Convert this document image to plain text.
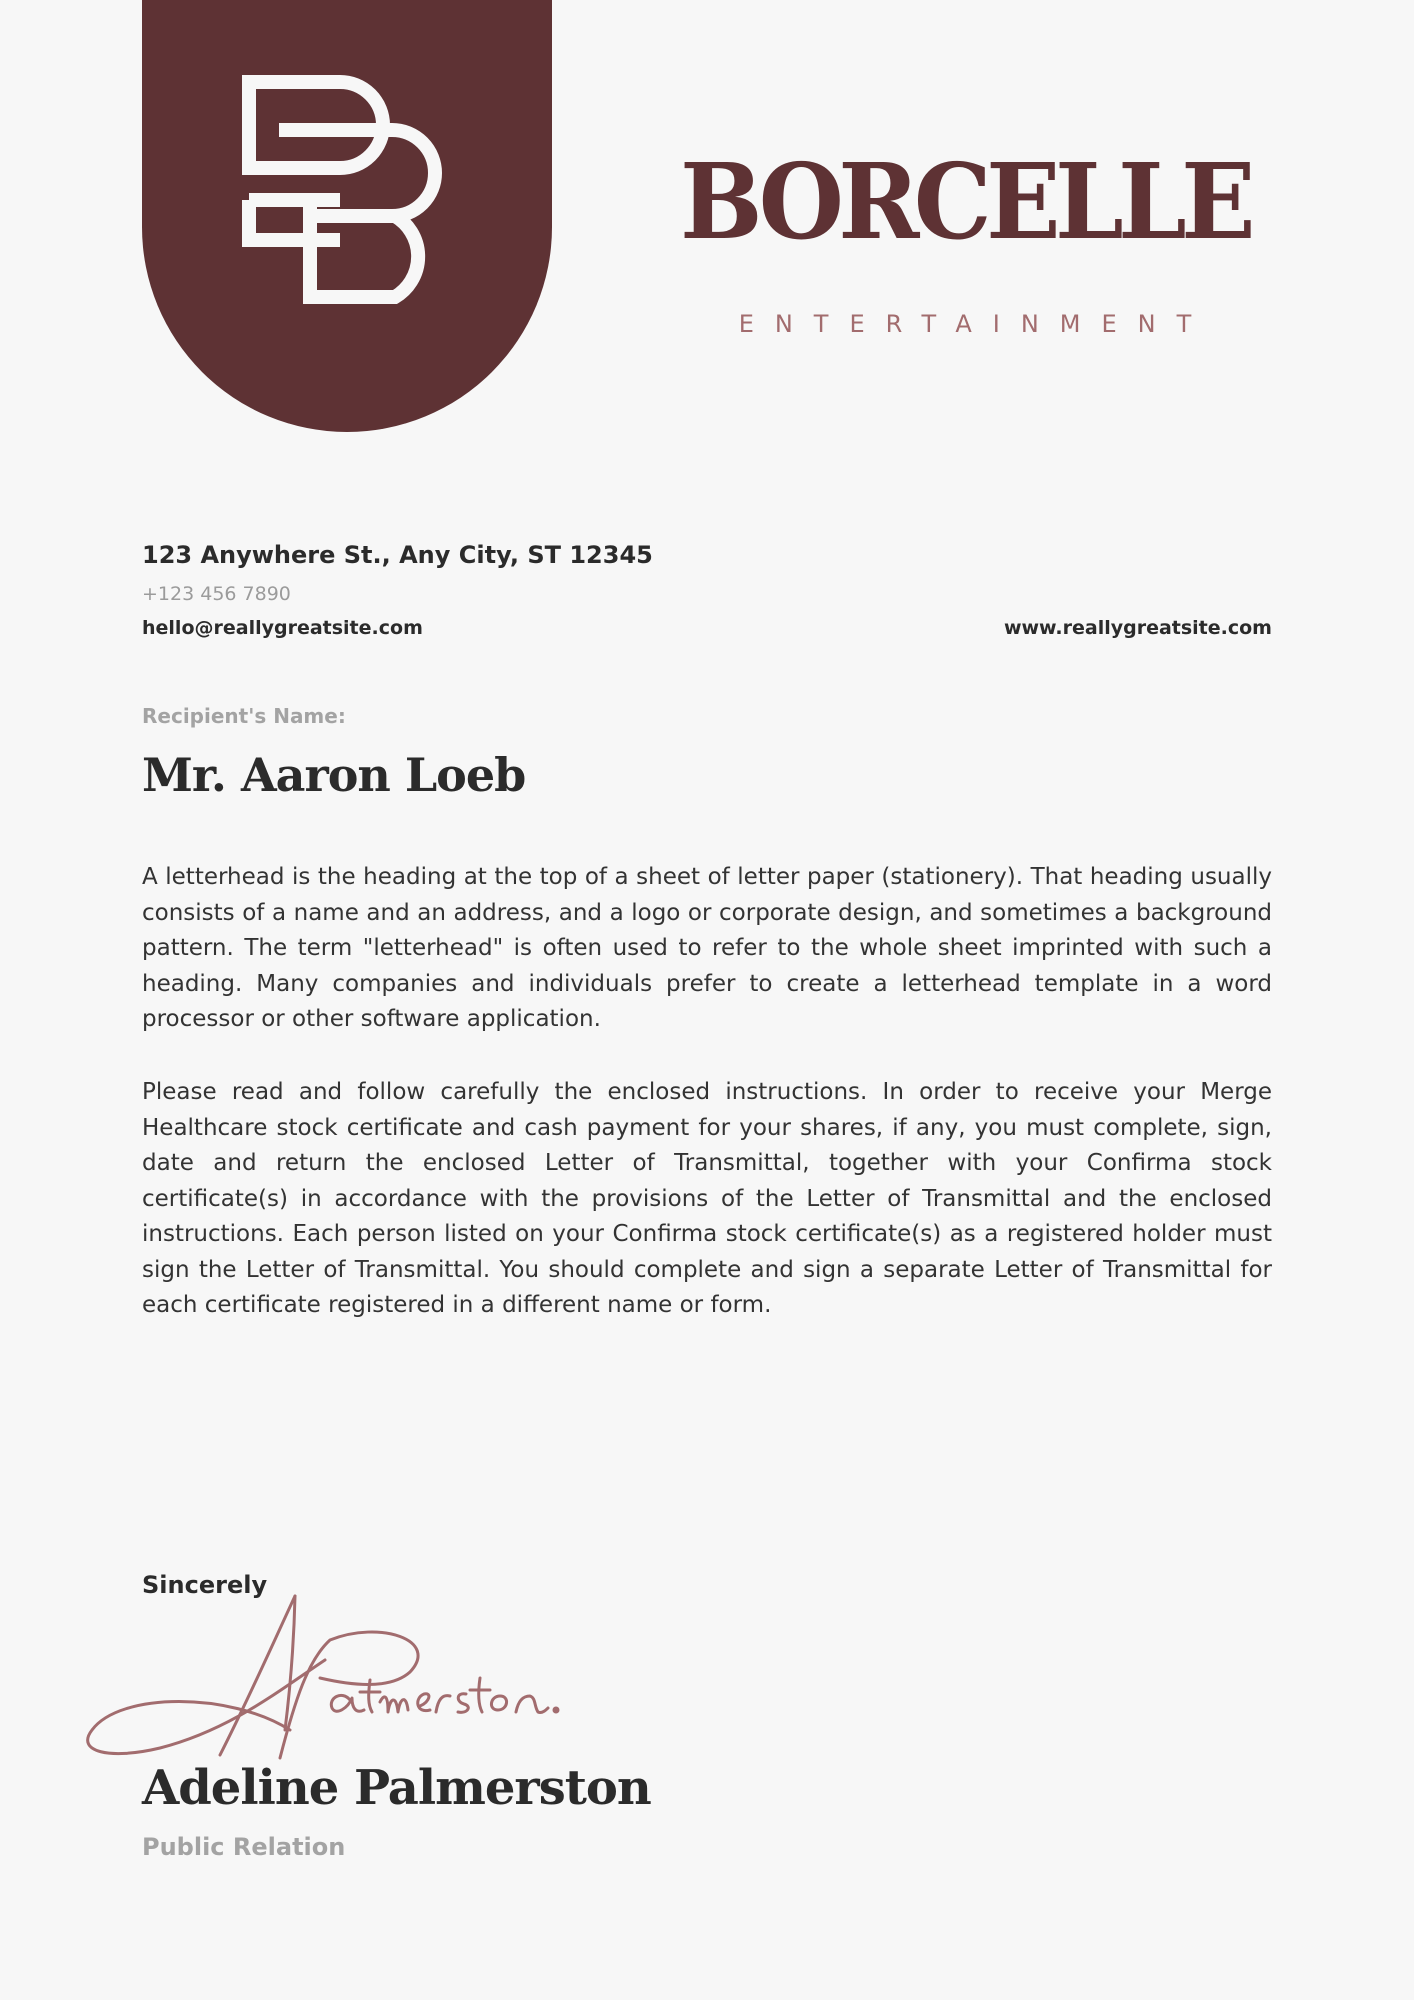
BORCELLE
ENTERTAINMENT
123 Anywhere St., Any City, ST 12345
+123 456 7890
hello@reallygreatsite.com	www.reallygreatsite.com
Recipient's Name:
Mr. Aaron Loeb

A letterhead is the heading at the top of a sheet of letter paper (stationery). That heading usually consists of a name and an address, and a logo or corporate design, and sometimes a background pattern. The term "letterhead" is often used to refer to the whole sheet imprinted with such a heading. Many companies and individuals prefer to create a letterhead template in a word processor or other software application.

Please read and follow carefully the enclosed instructions. In order to receive your Merge Healthcare stock certificate and cash payment for your shares, if any, you must complete, sign, date and return the enclosed Letter of Transmittal, together with your Confirma stock certificate(s) in accordance with the provisions of the Letter of Transmittal and the enclosed instructions. Each person listed on your Confirma stock certificate(s) as a registered holder must sign the Letter of Transmittal. You should complete and sign a separate Letter of Transmittal for each certificate registered in a different name or form.

Sincerely
Adeline Palmerston
Public Relation
